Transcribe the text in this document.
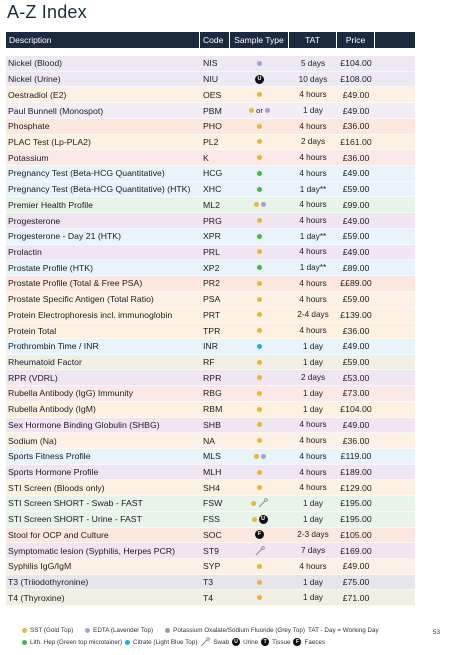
A-Z Index
Description	Code	Sample Type	TAT	Price
Nickel (Blood)	NIS	5 days	£104.00
Nickel (Urine)	NIU	U	10 days	£108.00
Oestradiol (E2)	OES	4 hours	£49.00
Paul Bunnell (Monospot)	PBM	or	1 day	£49.00
Phosphate	PHO	4 hours	£36.00
PLAC Test (Lp-PLA2)	PL2	2 days	£161.00
Potassium	K	4 hours	£36.00
Pregnancy Test (Beta-HCG Quantitative)	HCG	4 hours	£49.00
Pregnancy Test (Beta-HCG Quantitative) (HTK)	XHC	1 day**	£59.00
Premier Health Profile	ML2	4 hours	£99.00
Progesterone	PRG	4 hours	£49.00
Progesterone - Day 21 (HTK)	XPR	1 day**	£59.00
Prolactin	PRL	4 hours	£49.00
Prostate Profile (HTK)	XP2	1 day**	£89.00
Prostate Profile (Total & Free PSA)	PR2	4 hours	££89.00
Prostate Specific Antigen (Total Ratio)	PSA	4 hours	£59.00
Protein Electrophoresis incl. immunoglobin	PRT	2-4 days	£139.00
Protein Total	TPR	4 hours	£36.00
Prothrombin Time / INR	INR	1 day	£49.00
Rheumatoid Factor	RF	1 day	£59.00
RPR (VDRL)	RPR	2 days	£53.00
Rubella Antibody (IgG) Immunity	RBG	1 day	£73.00
Rubella Antibody (IgM)	RBM	1 day	£104.00
Sex Hormone Binding Globulin (SHBG)	SHB	4 hours	£49.00
Sodium (Na)	NA	4 hours	£36.00
Sports Fitness Profile	MLS	4 hours	£119.00
Sports Hormone Profile	MLH	4 hours	£189.00
STI Screen (Bloods only)	SH4	4 hours	£129.00
STI Screen SHORT - Swab - FAST	FSW	1 day	£195.00
STI Screen SHORT - Urine - FAST	FSS	U	1 day	£195.00
Stool for OCP and Culture	SOC	F	2-3 days	£105.00
Symptomatic lesion (Syphilis, Herpes PCR)	ST9	7 days	£169.00
Syphilis IgG/IgM	SYP	4 hours	£49.00
T3 (Triiodothyronine)	T3	1 day	£75.00
T4 (Thyroxine)	T4	1 day	£71.00
SST (Gold Top)	EDTA (Lavender Top)	Potassium Oxalate/Sodium Fluoride (Grey Top) TAT - Day = Working Day
Lith. Hep (Green top microtainer) Citrate (Light Blue Top)	Swab	U Urine	T Tissue	F Faeces
53
